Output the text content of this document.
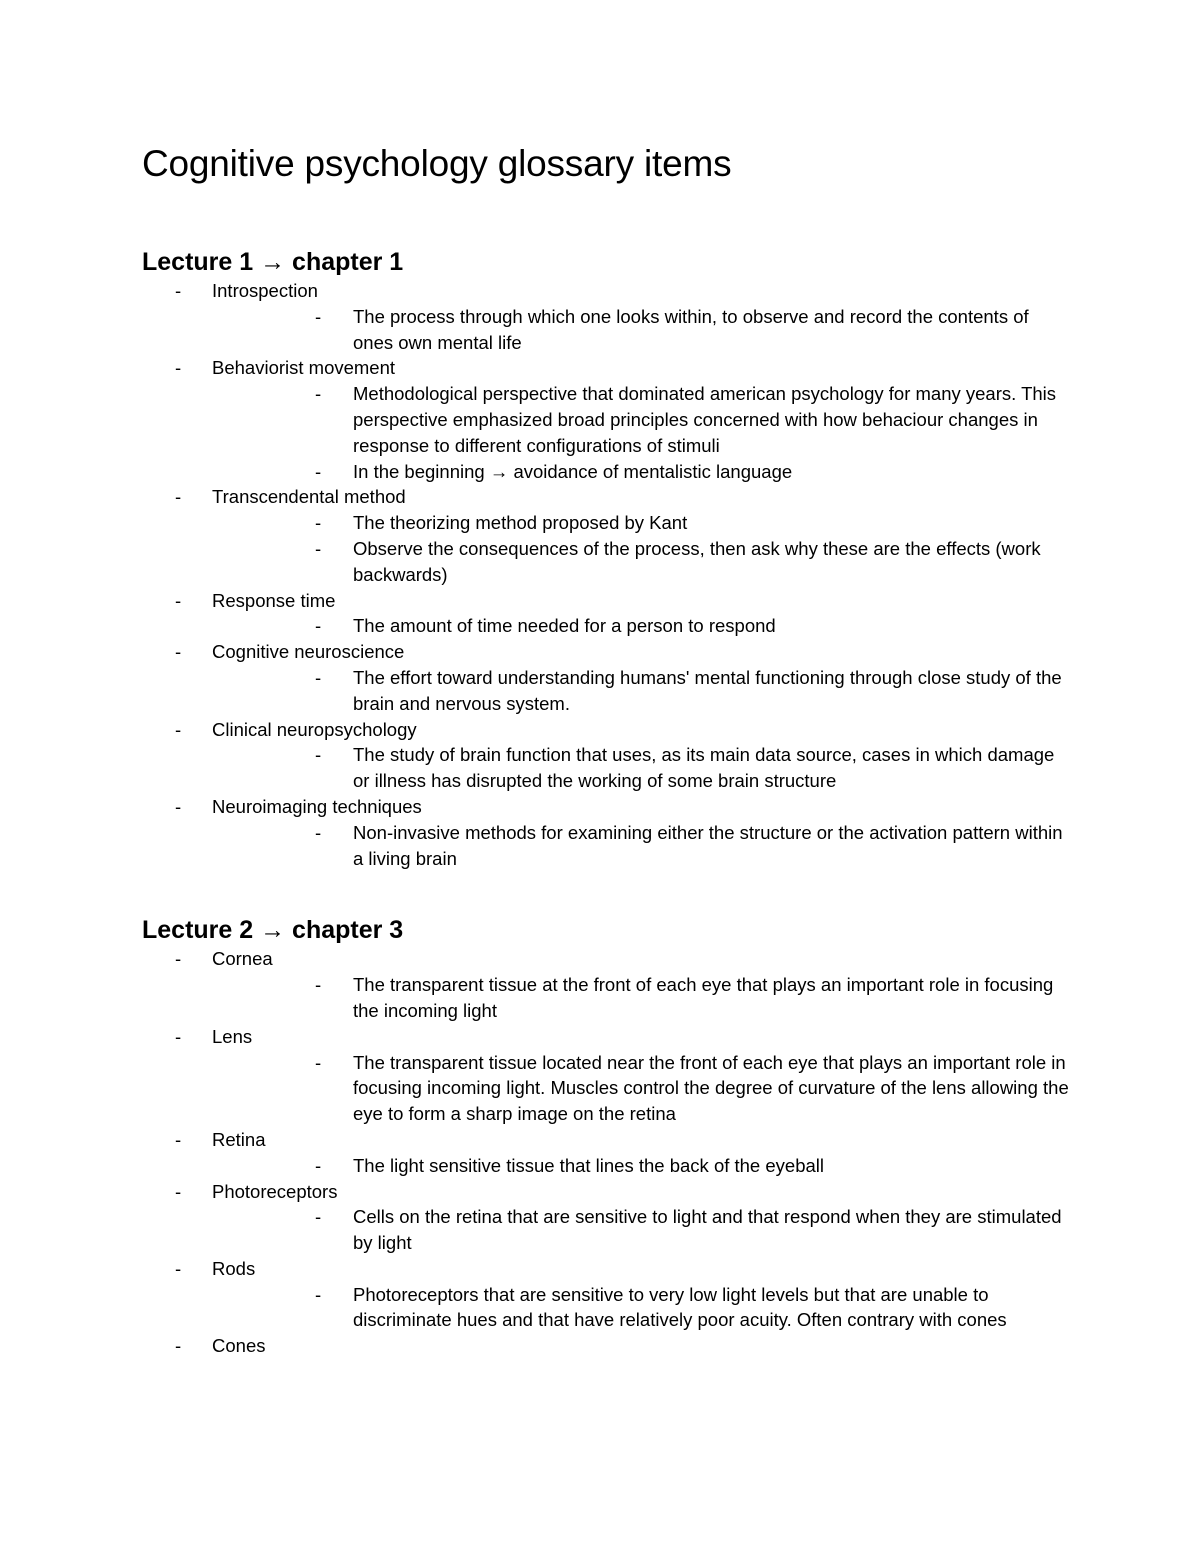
Cognitive psychology glossary items
Lecture 1 → chapter 1
- Introspection
- The process through which one looks within, to observe and record the contents of ones own mental life
- Behaviorist movement
- Methodological perspective that dominated american psychology for many years. This perspective emphasized broad principles concerned with how behaciour changes in response to different configurations of stimuli
- In the beginning → avoidance of mentalistic language
- Transcendental method
- The theorizing method proposed by Kant
- Observe the consequences of the process, then ask why these are the effects (work backwards)
- Response time
- The amount of time needed for a person to respond
- Cognitive neuroscience
- The effort toward understanding humans' mental functioning through close study of the brain and nervous system.
- Clinical neuropsychology
- The study of brain function that uses, as its main data source, cases in which damage or illness has disrupted the working of some brain structure
- Neuroimaging techniques
- Non-invasive methods for examining either the structure or the activation pattern within a living brain
Lecture 2 → chapter 3
- Cornea
- The transparent tissue at the front of each eye that plays an important role in focusing the incoming light
- Lens
- The transparent tissue located near the front of each eye that plays an important role in focusing incoming light. Muscles control the degree of curvature of the lens allowing the eye to form a sharp image on the retina
- Retina
- The light sensitive tissue that lines the back of the eyeball
- Photoreceptors
- Cells on the retina that are sensitive to light and that respond when they are stimulated by light
- Rods
- Photoreceptors that are sensitive to very low light levels but that are unable to discriminate hues and that have relatively poor acuity. Often contrary with cones
- Cones
